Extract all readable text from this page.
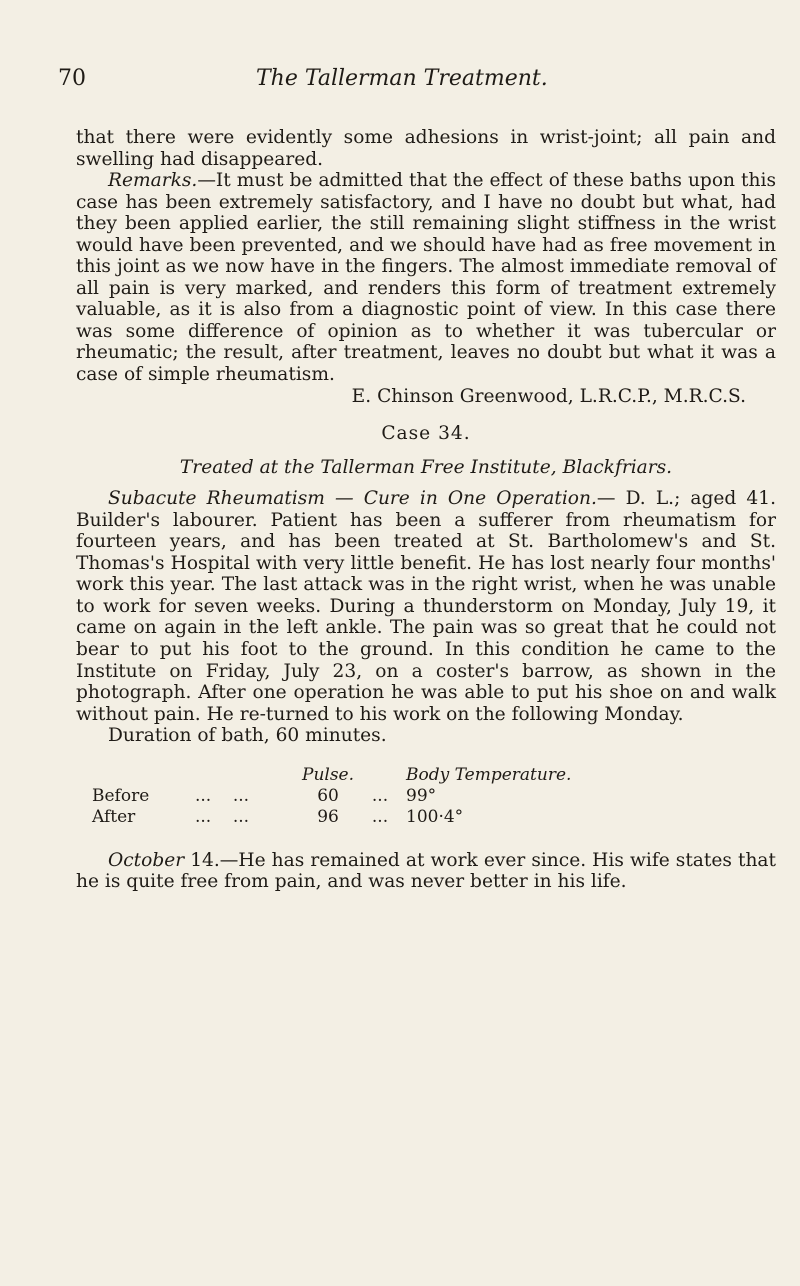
70	The Tallerman Treatment.

that there were evidently some adhesions in wrist-joint; all pain and swelling had disappeared.

Remarks.—It must be admitted that the effect of these baths upon this case has been extremely satisfactory, and I have no doubt but what, had they been applied earlier, the still remaining slight stiffness in the wrist would have been prevented, and we should have had as free movement in this joint as we now have in the fingers. The almost immediate removal of all pain is very marked, and renders this form of treatment extremely valuable, as it is also from a diagnostic point of view. In this case there was some difference of opinion as to whether it was tubercular or rheumatic; the result, after treatment, leaves no doubt but what it was a case of simple rheumatism.

E. Chinson Greenwood, L.R.C.P., M.R.C.S.

Case 34.

Treated at the Tallerman Free Institute, Blackfriars.

Subacute Rheumatism — Cure in One Operation.— D. L.; aged 41. Builder's labourer. Patient has been a sufferer from rheumatism for fourteen years, and has been treated at St. Bartholomew's and St. Thomas's Hospital with very little benefit. He has lost nearly four months' work this year. The last attack was in the right wrist, when he was unable to work for seven weeks. During a thunderstorm on Monday, July 19, it came on again in the left ankle. The pain was so great that he could not bear to put his foot to the ground. In this condition he came to the Institute on Friday, July 23, on a coster's barrow, as shown in the photograph. After one operation he was able to put his shoe on and walk without pain. He re-turned to his work on the following Monday.

Duration of bath, 60 minutes.

		Pulse.		Body Temperature.
Before	... ...	60	...	99°
After	... ...	96	...	100·4°

October 14.—He has remained at work ever since. His wife states that he is quite free from pain, and was never better in his life.
